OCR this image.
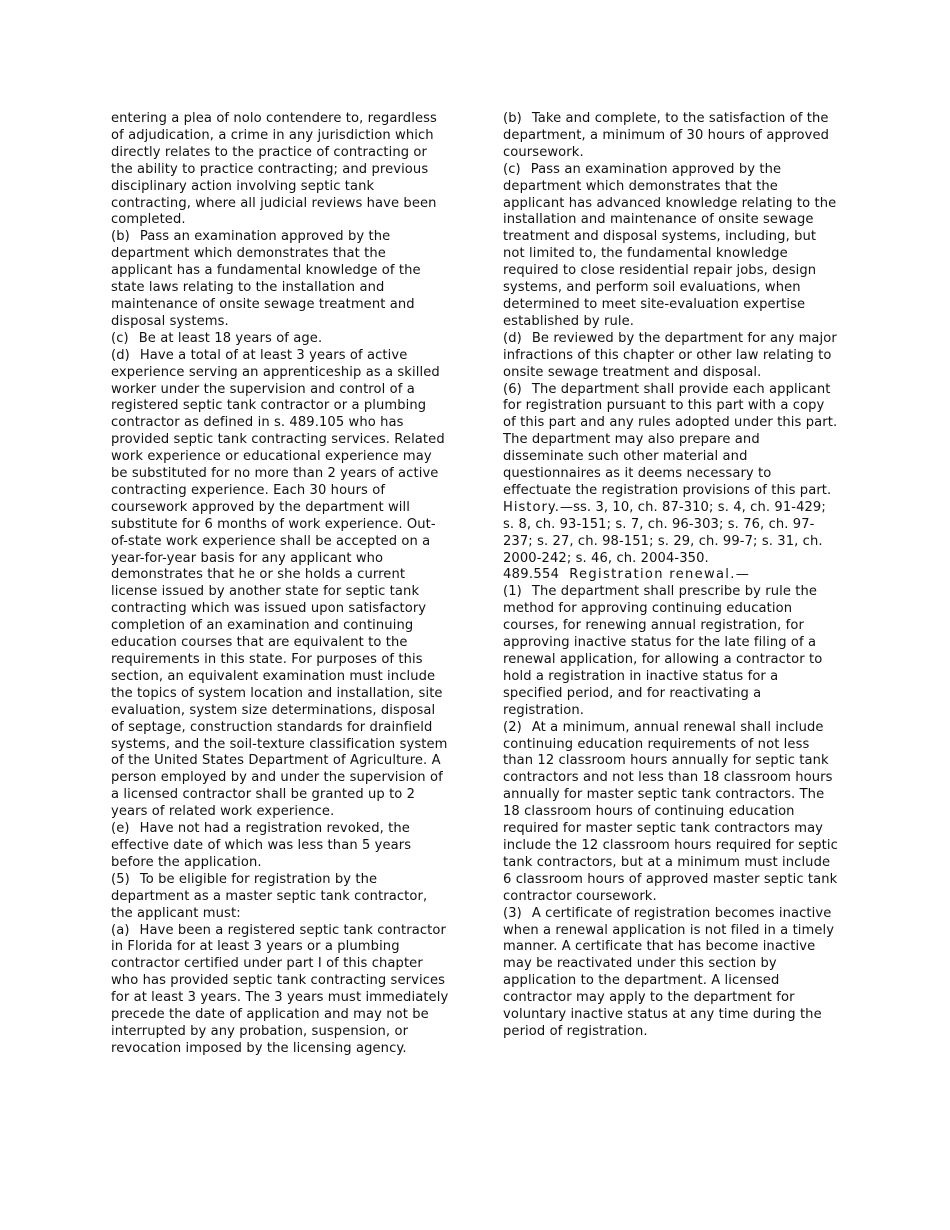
entering a plea of nolo contendere to, regardless of adjudication, a crime in any jurisdiction which directly relates to the practice of contracting or the ability to practice contracting; and previous disciplinary action involving septic tank contracting, where all judicial reviews have been completed.

(b) Pass an examination approved by the department which demonstrates that the applicant has a fundamental knowledge of the state laws relating to the installation and maintenance of onsite sewage treatment and disposal systems.

(c) Be at least 18 years of age.

(d) Have a total of at least 3 years of active experience serving an apprenticeship as a skilled worker under the supervision and control of a registered septic tank contractor or a plumbing contractor as defined in s. 489.105 who has provided septic tank contracting services. Related work experience or educational experience may be substituted for no more than 2 years of active contracting experience. Each 30 hours of coursework approved by the department will substitute for 6 months of work experience. Out-of-state work experience shall be accepted on a year-for-year basis for any applicant who demonstrates that he or she holds a current license issued by another state for septic tank contracting which was issued upon satisfactory completion of an examination and continuing education courses that are equivalent to the requirements in this state. For purposes of this section, an equivalent examination must include the topics of system location and installation, site evaluation, system size determinations, disposal of septage, construction standards for drainfield systems, and the soil-texture classification system of the United States Department of Agriculture. A person employed by and under the supervision of a licensed contractor shall be granted up to 2 years of related work experience.

(e) Have not had a registration revoked, the effective date of which was less than 5 years before the application.

(5) To be eligible for registration by the department as a master septic tank contractor, the applicant must:

(a) Have been a registered septic tank contractor in Florida for at least 3 years or a plumbing contractor certified under part I of this chapter who has provided septic tank contracting services for at least 3 years. The 3 years must immediately precede the date of application and may not be interrupted by any probation, suspension, or revocation imposed by the licensing agency.

(b) Take and complete, to the satisfaction of the department, a minimum of 30 hours of approved coursework.

(c) Pass an examination approved by the department which demonstrates that the applicant has advanced knowledge relating to the installation and maintenance of onsite sewage treatment and disposal systems, including, but not limited to, the fundamental knowledge required to close residential repair jobs, design systems, and perform soil evaluations, when determined to meet site-evaluation expertise established by rule.

(d) Be reviewed by the department for any major infractions of this chapter or other law relating to onsite sewage treatment and disposal.

(6) The department shall provide each applicant for registration pursuant to this part with a copy of this part and any rules adopted under this part. The department may also prepare and disseminate such other material and questionnaires as it deems necessary to effectuate the registration provisions of this part.

History.—ss. 3, 10, ch. 87-310; s. 4, ch. 91-429; s. 8, ch. 93-151; s. 7, ch. 96-303; s. 76, ch. 97-237; s. 27, ch. 98-151; s. 29, ch. 99-7; s. 31, ch. 2000-242; s. 46, ch. 2004-350.

489.554 Registration renewal.—

(1) The department shall prescribe by rule the method for approving continuing education courses, for renewing annual registration, for approving inactive status for the late filing of a renewal application, for allowing a contractor to hold a registration in inactive status for a specified period, and for reactivating a registration.

(2) At a minimum, annual renewal shall include continuing education requirements of not less than 12 classroom hours annually for septic tank contractors and not less than 18 classroom hours annually for master septic tank contractors. The 18 classroom hours of continuing education required for master septic tank contractors may include the 12 classroom hours required for septic tank contractors, but at a minimum must include 6 classroom hours of approved master septic tank contractor coursework.

(3) A certificate of registration becomes inactive when a renewal application is not filed in a timely manner. A certificate that has become inactive may be reactivated under this section by application to the department. A licensed contractor may apply to the department for voluntary inactive status at any time during the period of registration.
